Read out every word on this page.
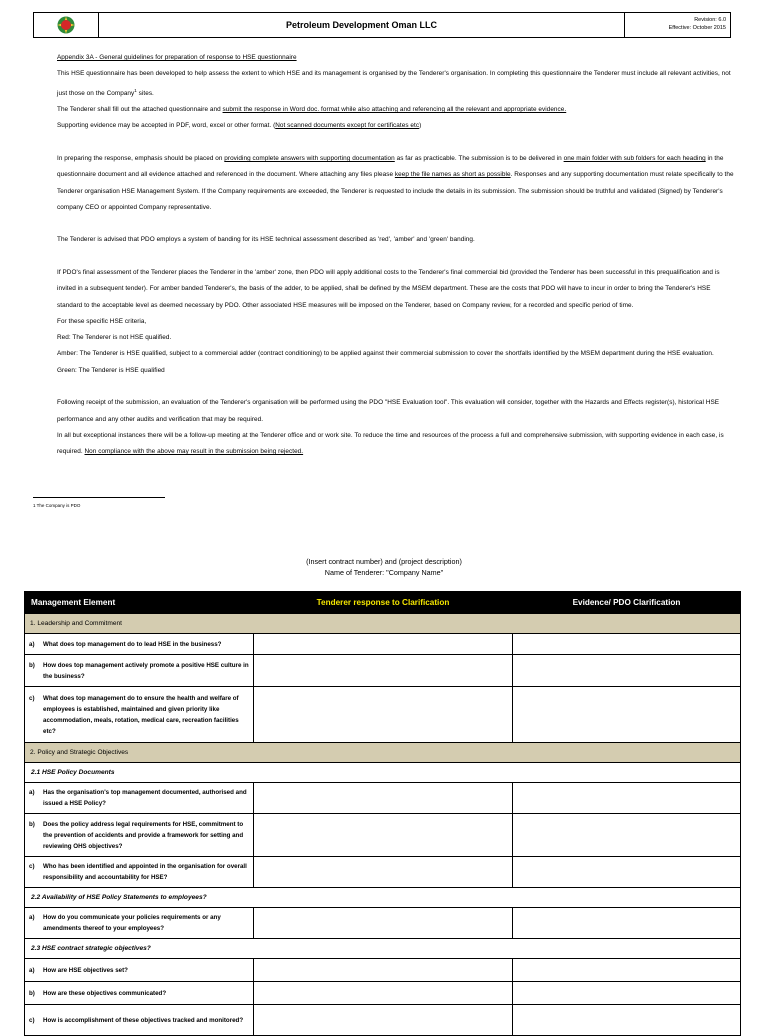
Petroleum Development Oman LLC	Revision: 6.0
Effective: October 2015

Appendix 3A - General guidelines for preparation of response to HSE questionnaire

This HSE questionnaire has been developed to help assess the extent to which HSE and its management is organised by the Tenderer's organisation. In completing this questionnaire the Tenderer must include all relevant activities, not just those on the Company$^1$ sites.

The Tenderer shall fill out the attached questionnaire and submit the response in Word doc. format while also attaching and referencing all the relevant and appropriate evidence.

Supporting evidence may be accepted in PDF, word, excel or other format. (Not scanned documents except for certificates etc)

In preparing the response, emphasis should be placed on providing complete answers with supporting documentation as far as practicable. The submission is to be delivered in one main folder with sub folders for each heading in the questionnaire document and all evidence attached and referenced in the document. Where attaching any files please keep the file names as short as possible. Responses and any supporting documentation must relate specifically to the Tenderer organisation HSE Management System. If the Company requirements are exceeded, the Tenderer is requested to include the details in its submission. The submission should be truthful and validated (Signed) by Tenderer's company CEO or appointed Company representative.

The Tenderer is advised that PDO employs a system of banding for its HSE technical assessment described as 'red', 'amber' and 'green' banding.

If PDO's final assessment of the Tenderer places the Tenderer in the 'amber' zone, then PDO will apply additional costs to the Tenderer's final commercial bid (provided the Tenderer has been successful in this prequalification and is invited in a subsequent tender). For amber banded Tenderer's, the basis of the adder, to be applied, shall be defined by the MSEM department. These are the costs that PDO will have to incur in order to bring the Tenderer's HSE standard to the acceptable level as deemed necessary by PDO. Other associated HSE measures will be imposed on the Tenderer, based on Company review, for a recorded and specific period of time.

For these specific HSE criteria,

Red: The Tenderer is not HSE qualified.

Amber: The Tenderer is HSE qualified, subject to a commercial adder (contract conditioning) to be applied against their commercial submission to cover the shortfalls identified by the MSEM department during the HSE evaluation.

Green: The Tenderer is HSE qualified

Following receipt of the submission, an evaluation of the Tenderer's organisation will be performed using the PDO "HSE Evaluation tool". This evaluation will consider, together with the Hazards and Effects register(s), historical HSE performance and any other audits and verification that may be required.

In all but exceptional instances there will be a follow-up meeting at the Tenderer office and or work site. To reduce the time and resources of the process a full and comprehensive submission, with supporting evidence in each case, is required. Non compliance with the above may result in the submission being rejected.

1 The Company is PDO
(Insert contract number) and (project description)
Name of Tenderer: "Company Name"
Management Element	Tenderer response to Clarification	Evidence/ PDO Clarification
1. Leadership and Commitment		

a) What does top management do to lead HSE in the business?		

b) How does top management actively promote a positive HSE culture in the business?		

c) What does top management do to ensure the health and welfare of employees is established, maintained and given priority like accommodation, meals, rotation, medical care, recreation facilities etc?		

2. Policy and Strategic Objectives		
2.1 HSE Policy Documents		

a) Has the organisation's top management documented, authorised and issued a HSE Policy?		

b) Does the policy address legal requirements for HSE, commitment to the prevention of accidents and provide a framework for setting and reviewing OHS objectives?		

c) Who has been identified and appointed in the organisation for overall responsibility and accountability for HSE?		

2.2 Availability of HSE Policy Statements to employees?		

a) How do you communicate your policies requirements or any amendments thereof to your employees?		

2.3 HSE contract strategic objectives?		

a) How are HSE objectives set?		

b) How are these objectives communicated?		

c) How is accomplishment of these objectives tracked and monitored?		
